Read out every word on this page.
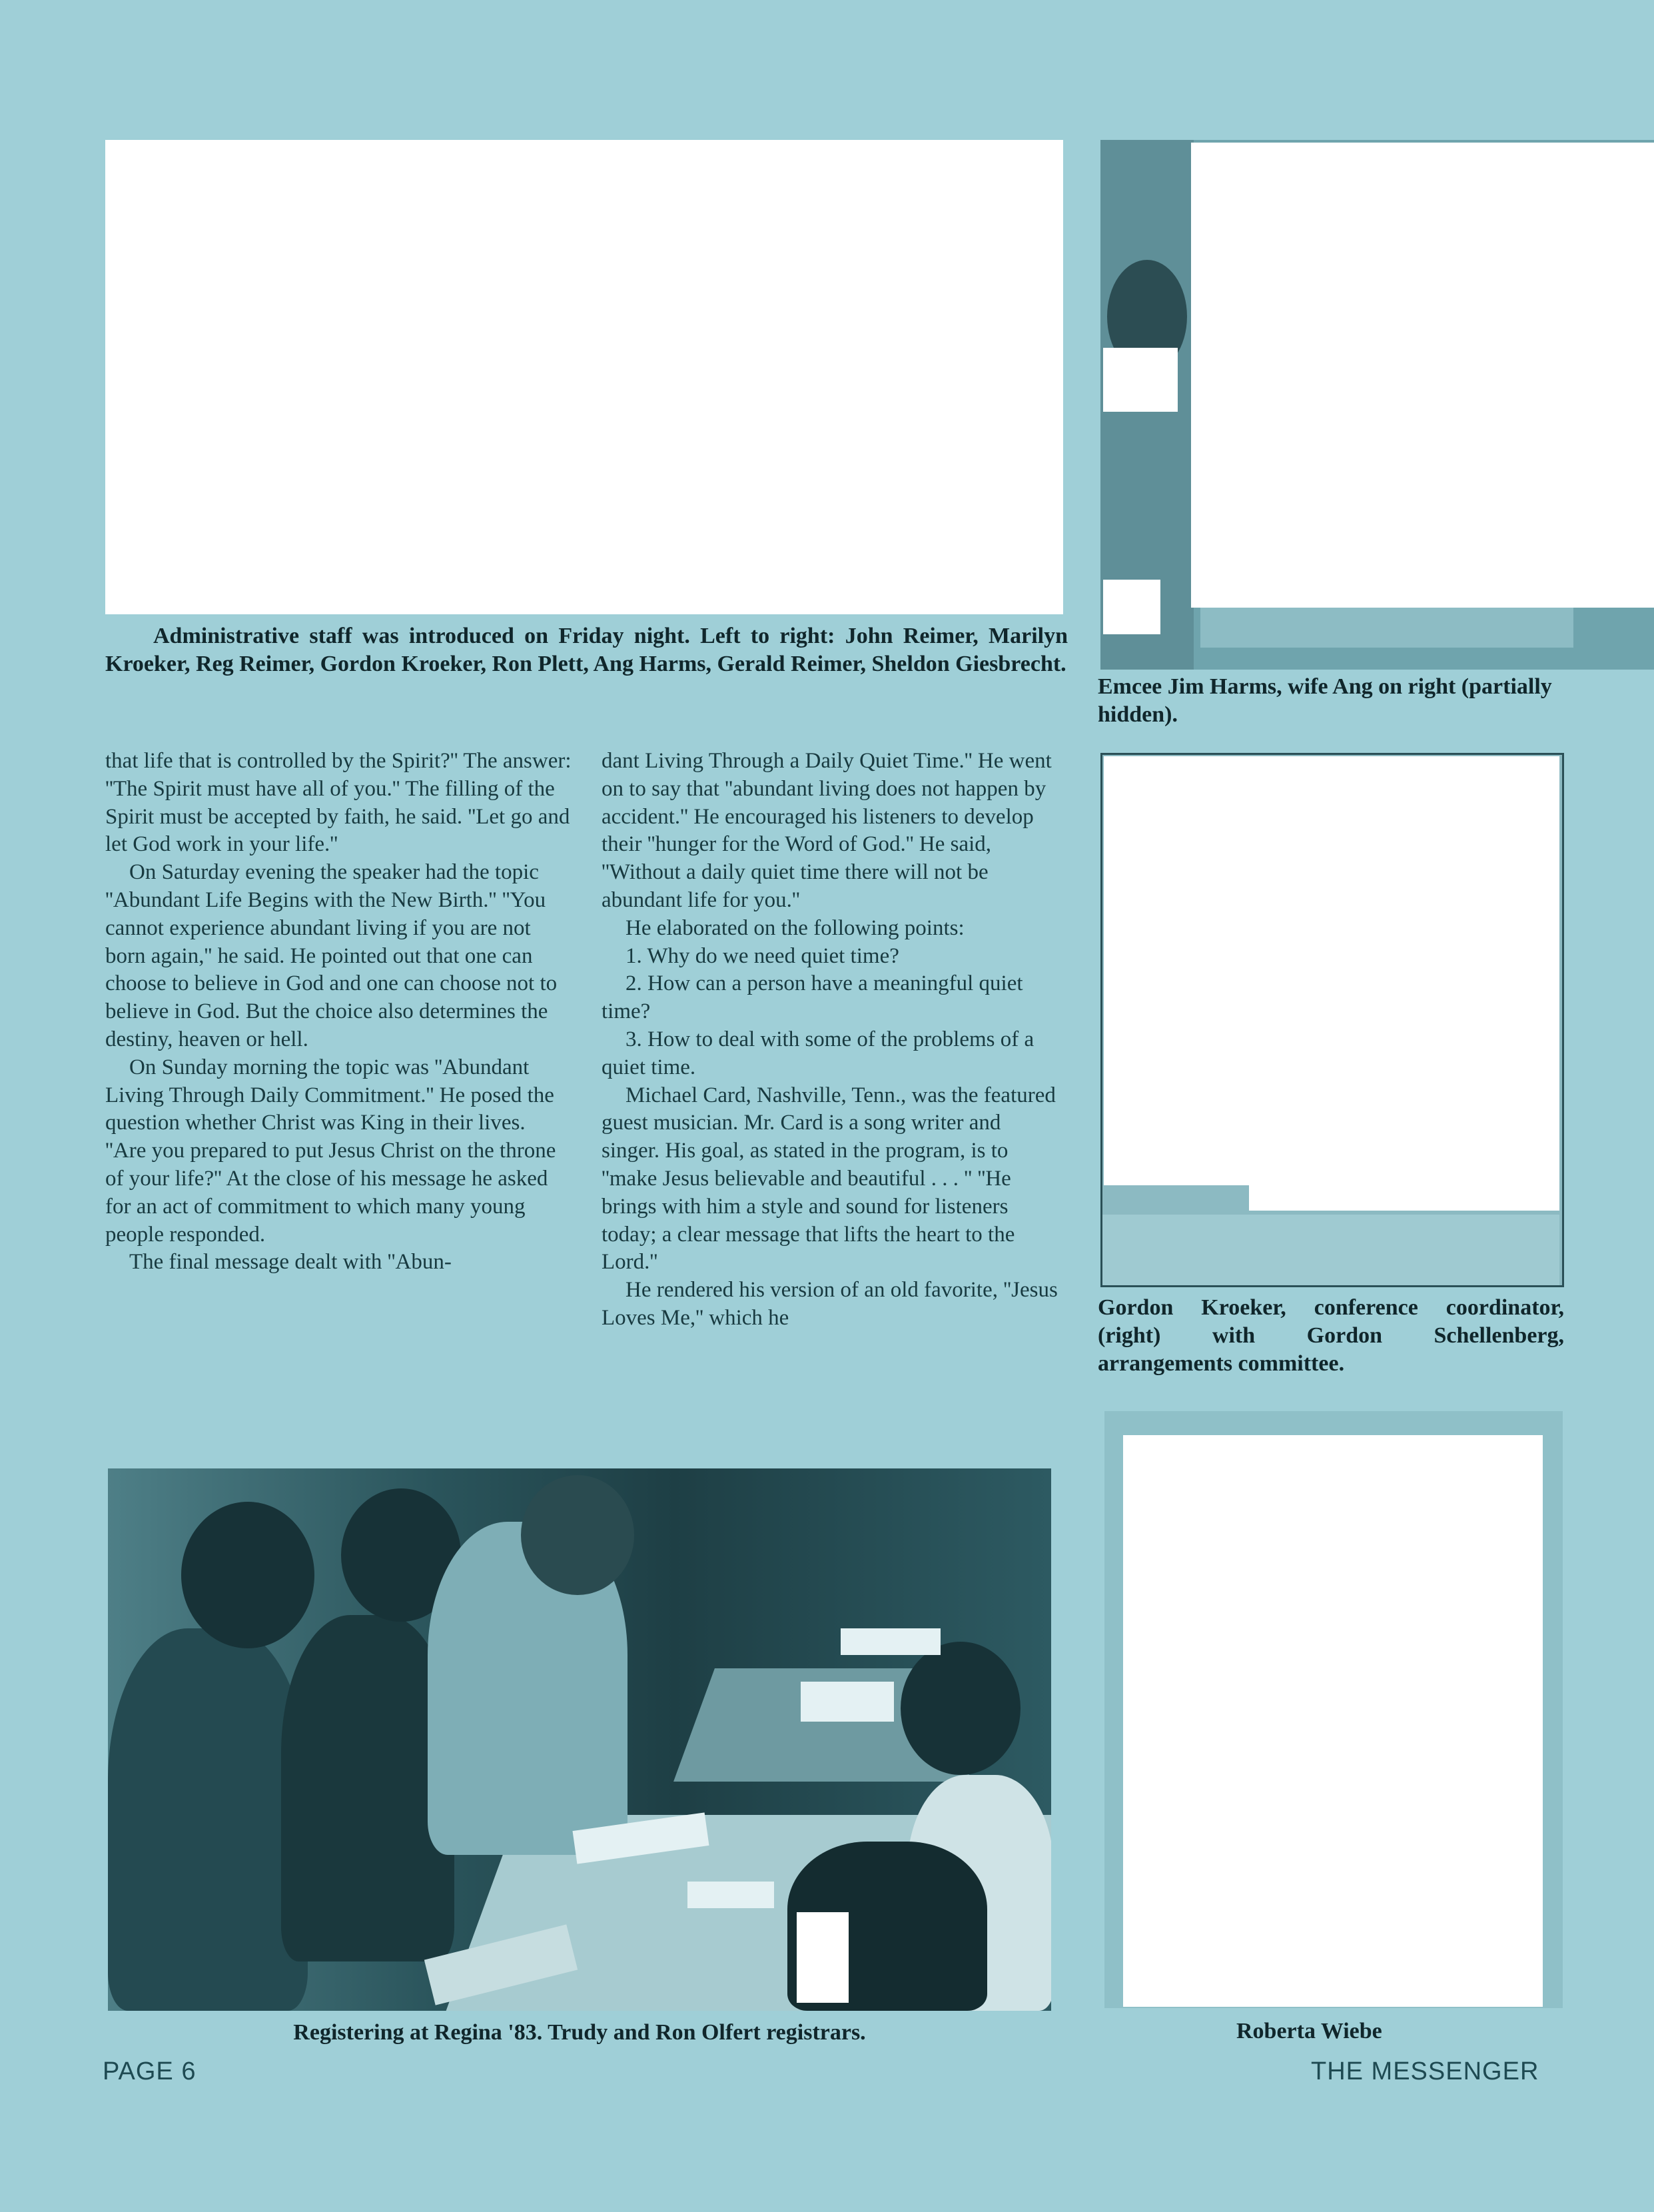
Administrative staff was introduced on Friday night. Left to right: John Reimer, Marilyn Kroeker, Reg Reimer, Gordon Kroeker, Ron Plett, Ang Harms, Gerald Reimer, Sheldon Giesbrecht.
Emcee Jim Harms, wife Ang on right (partially hidden).

that life that is controlled by the Spirit?'' The answer: ''The Spirit must have all of you.'' The filling of the Spirit must be accepted by faith, he said. ''Let go and let God work in your life.''

On Saturday evening the speaker had the topic ''Abundant Life Begins with the New Birth.'' ''You cannot experience abundant living if you are not born again,'' he said. He pointed out that one can choose to believe in God and one can choose not to believe in God. But the choice also determines the destiny, heaven or hell.

On Sunday morning the topic was ''Abundant Living Through Daily Commitment.'' He posed the question whether Christ was King in their lives. ''Are you prepared to put Jesus Christ on the throne of your life?'' At the close of his message he asked for an act of commitment to which many young people responded.

The final message dealt with ''Abun-

dant Living Through a Daily Quiet Time.'' He went on to say that ''abundant living does not happen by accident.'' He encouraged his listeners to develop their ''hunger for the Word of God.'' He said, ''Without a daily quiet time there will not be abundant life for you.''

He elaborated on the following points:

1. Why do we need quiet time?

2. How can a person have a meaningful quiet time?

3. How to deal with some of the problems of a quiet time.

Michael Card, Nashville, Tenn., was the featured guest musician. Mr. Card is a song writer and singer. His goal, as stated in the program, is to ''make Jesus believable and beautiful . . . '' ''He brings with him a style and sound for listeners today; a clear message that lifts the heart to the Lord.''

He rendered his version of an old favorite, ''Jesus Loves Me,'' which he	Gordon Kroeker, conference coordinator, (right) with Gordon Schellenberg, arrangements committee.
Registering at Regina '83. Trudy and Ron Olfert registrars.	Roberta Wiebe
PAGE 6	THE MESSENGER
